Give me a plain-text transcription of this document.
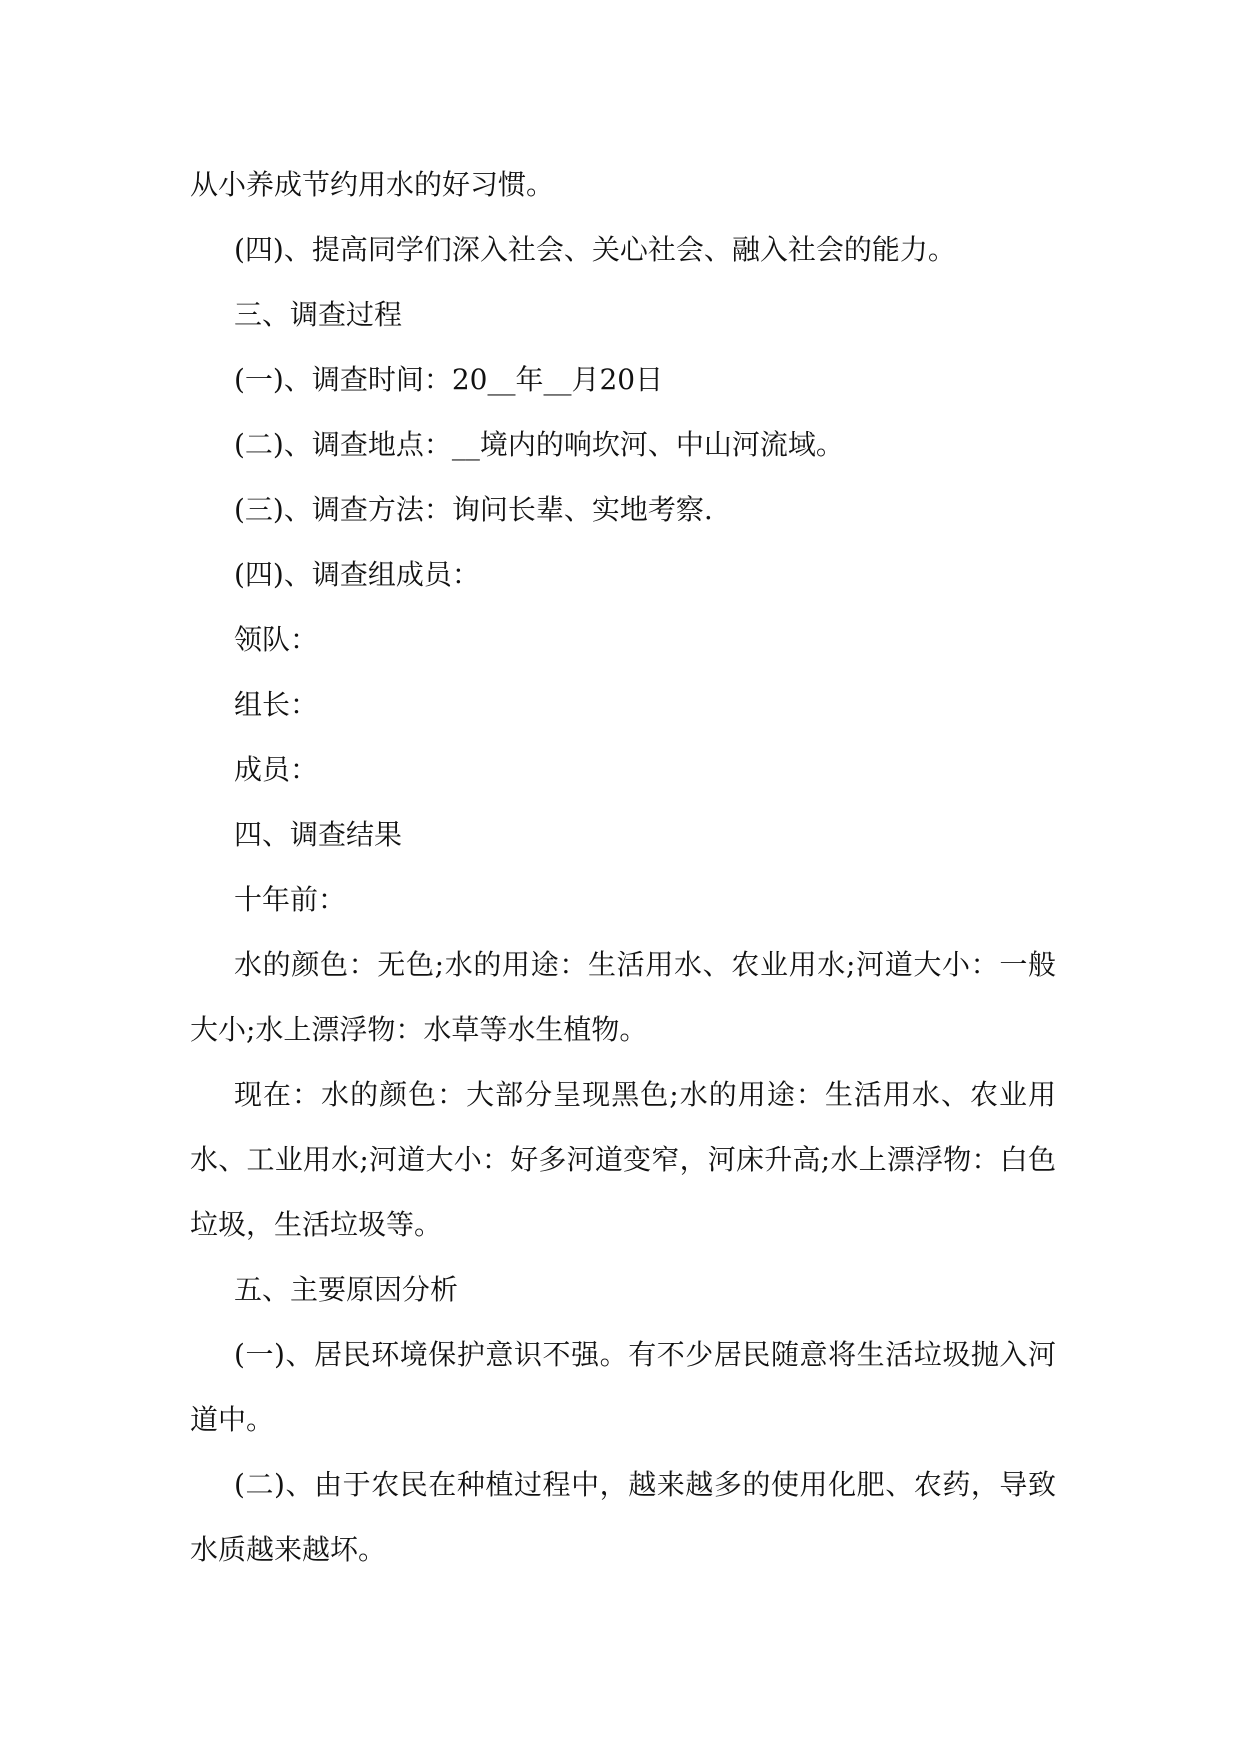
从小养成节约用水的好习惯。

(四)、提高同学们深入社会、关心社会、融入社会的能力。

三、调查过程

(一)、调查时间：20__年__月20日

(二)、调查地点：__境内的响坎河、中山河流域。

(三)、调查方法：询问长辈、实地考察.

(四)、调查组成员：

领队：

组长：

成员：

四、调查结果

十年前：

水的颜色：无色;水的用途：生活用水、农业用水;河道大小：一般大小;水上漂浮物：水草等水生植物。

现在：水的颜色：大部分呈现黑色;水的用途：生活用水、农业用水、工业用水;河道大小：好多河道变窄，河床升高;水上漂浮物：白色垃圾，生活垃圾等。

五、主要原因分析

(一)、居民环境保护意识不强。有不少居民随意将生活垃圾抛入河道中。

(二)、由于农民在种植过程中，越来越多的使用化肥、农药，导致水质越来越坏。
